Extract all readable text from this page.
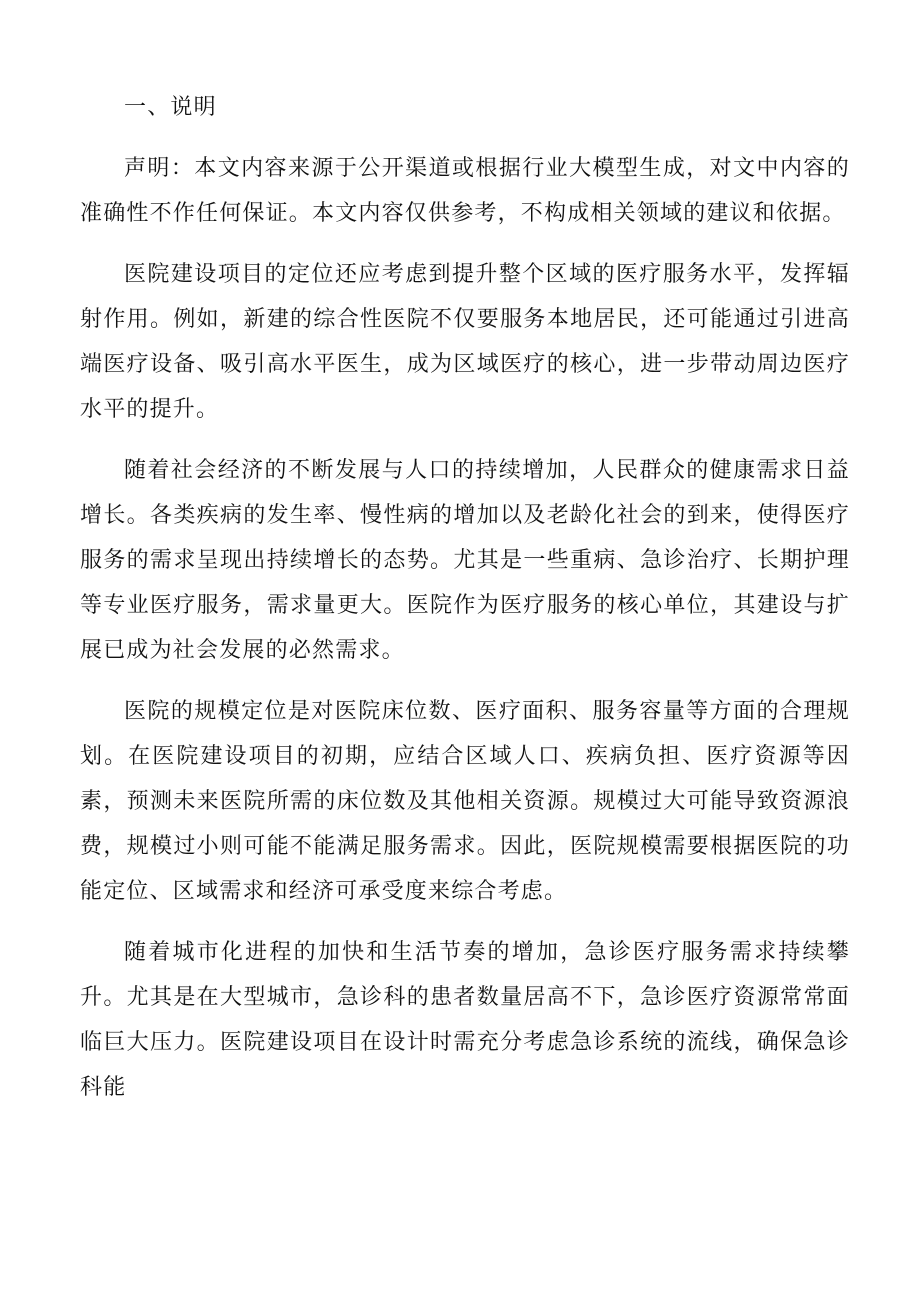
一、说明

声明：本文内容来源于公开渠道或根据行业大模型生成，对文中内容的准确性不作任何保证。本文内容仅供参考，不构成相关领域的建议和依据。

医院建设项目的定位还应考虑到提升整个区域的医疗服务水平，发挥辐射作用。例如，新建的综合性医院不仅要服务本地居民，还可能通过引进高端医疗设备、吸引高水平医生，成为区域医疗的核心，进一步带动周边医疗水平的提升。

随着社会经济的不断发展与人口的持续增加，人民群众的健康需求日益增长。各类疾病的发生率、慢性病的增加以及老龄化社会的到来，使得医疗服务的需求呈现出持续增长的态势。尤其是一些重病、急诊治疗、长期护理等专业医疗服务，需求量更大。医院作为医疗服务的核心单位，其建设与扩展已成为社会发展的必然需求。

医院的规模定位是对医院床位数、医疗面积、服务容量等方面的合理规划。在医院建设项目的初期，应结合区域人口、疾病负担、医疗资源等因素，预测未来医院所需的床位数及其他相关资源。规模过大可能导致资源浪费，规模过小则可能不能满足服务需求。因此，医院规模需要根据医院的功能定位、区域需求和经济可承受度来综合考虑。

随着城市化进程的加快和生活节奏的增加，急诊医疗服务需求持续攀升。尤其是在大型城市，急诊科的患者数量居高不下，急诊医疗资源常常面临巨大压力。医院建设项目在设计时需充分考虑急诊系统的流线，确保急诊科能
